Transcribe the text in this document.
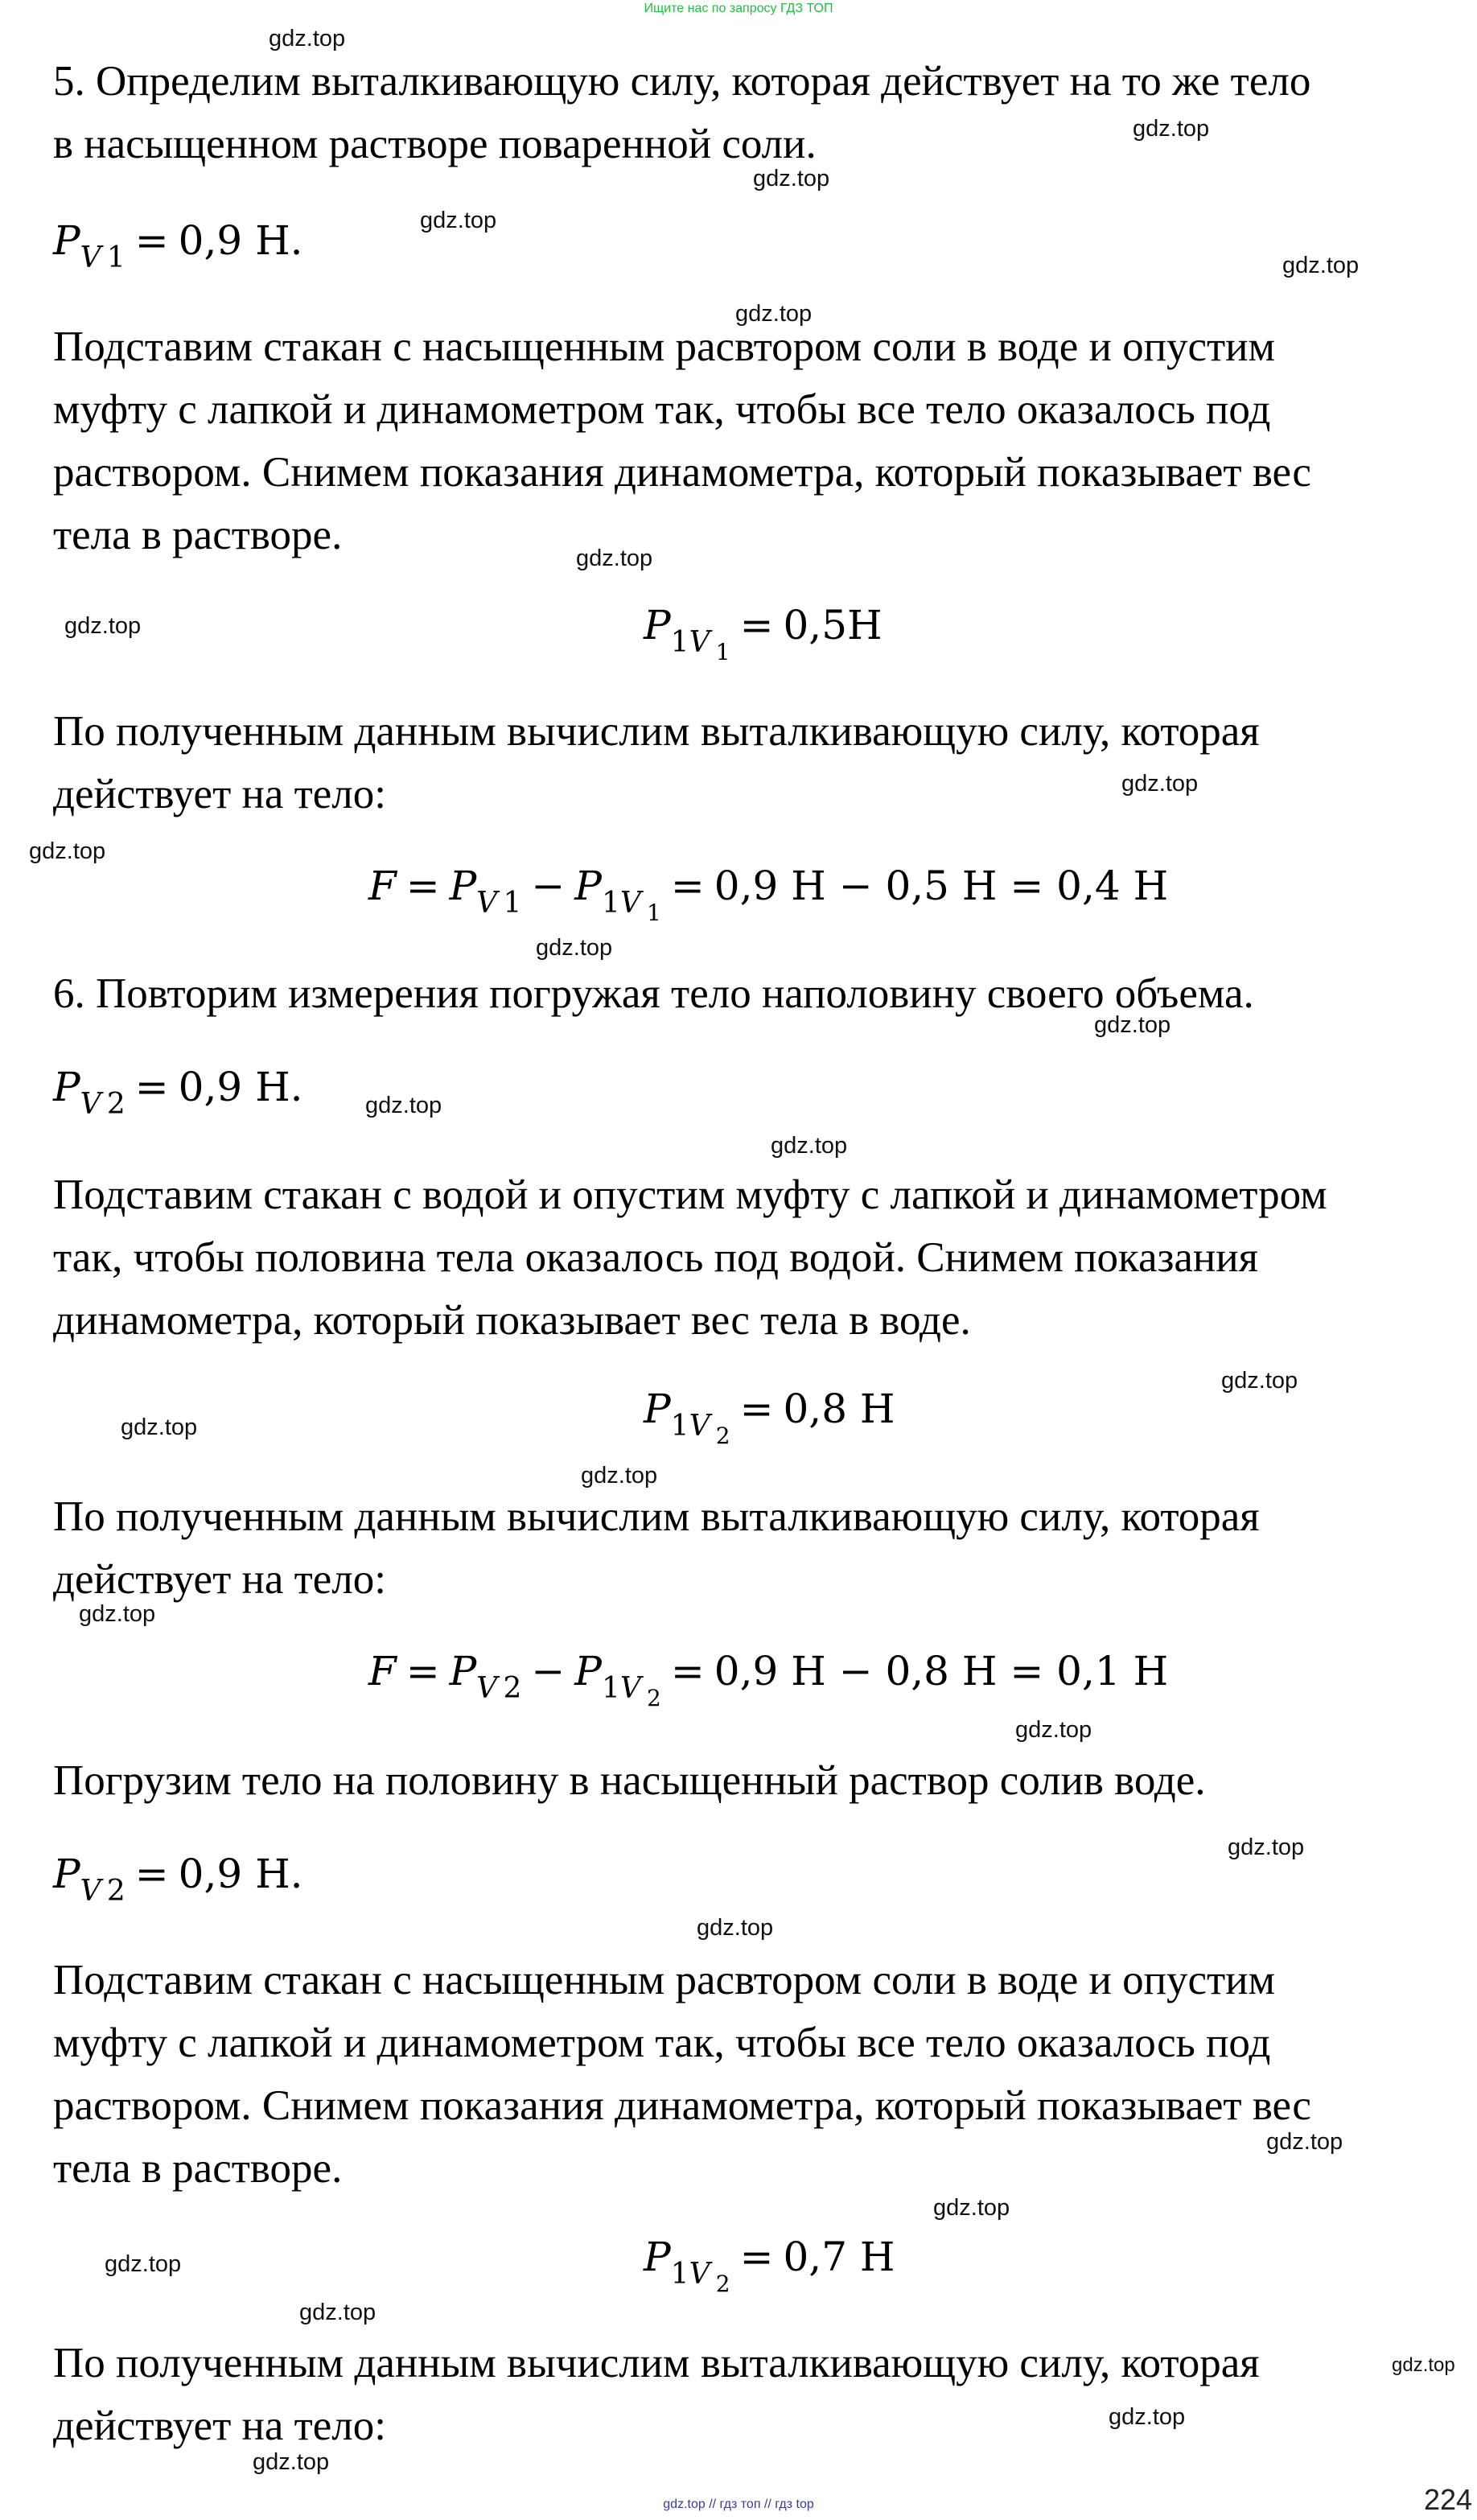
Ищите нас по запросу ГДЗ ТОП
gdz.top
gdz.top
gdz.top
gdz.top
gdz.top
gdz.top
gdz.top
gdz.top
gdz.top
gdz.top
gdz.top
gdz.top
gdz.top
gdz.top
gdz.top
gdz.top
gdz.top
gdz.top
gdz.top
gdz.top
gdz.top
gdz.top
gdz.top
gdz.top
gdz.top
gdz.top
gdz.top
gdz.top
5. Определим выталкивающую силу, которая действует на то же тело
в насыщенном растворе поваренной соли.
$P_{V 1} = 0,9$ Н.
Подставим стакан с насыщенным расвтором соли в воде и опустим
муфту с лапкой и динамометром так, чтобы все тело оказалось под
раствором. Снимем показания динамометра, который показывает вес
тела в растворе.
$P_{1V _1}= 0,5Н$
По полученным данным вычислим выталкивающую силу, которая
действует на тело:
$F = P_{V 1} - P_{1V _1}= 0,9$ Н − 0,5 Н = 0,4 Н
6. Повторим измерения погружая тело наполовину своего объема.
$P_{V 2} = 0,9$ Н.
Подставим стакан с водой и опустим муфту с лапкой и динамометром
так, чтобы половина тела оказалось под водой. Снимем показания
динамометра, который показывает вес тела в воде.
$P_{1V _2}= 0,8$ Н
По полученным данным вычислим выталкивающую силу, которая
действует на тело:
$F = P_{V 2} - P_{1V _2}= 0,9$ Н − 0,8 Н = 0,1 Н
Погрузим тело на половину в насыщенный раствор солив воде.
$P_{V 2} = 0,9$ Н.
Подставим стакан с насыщенным расвтором соли в воде и опустим
муфту с лапкой и динамометром так, чтобы все тело оказалось под
раствором. Снимем показания динамометра, который показывает вес
тела в растворе.
$P_{1V _2}= 0,7$ Н
По полученным данным вычислим выталкивающую силу, которая
действует на тело:
224
gdz.top // гдз топ // гдз top
